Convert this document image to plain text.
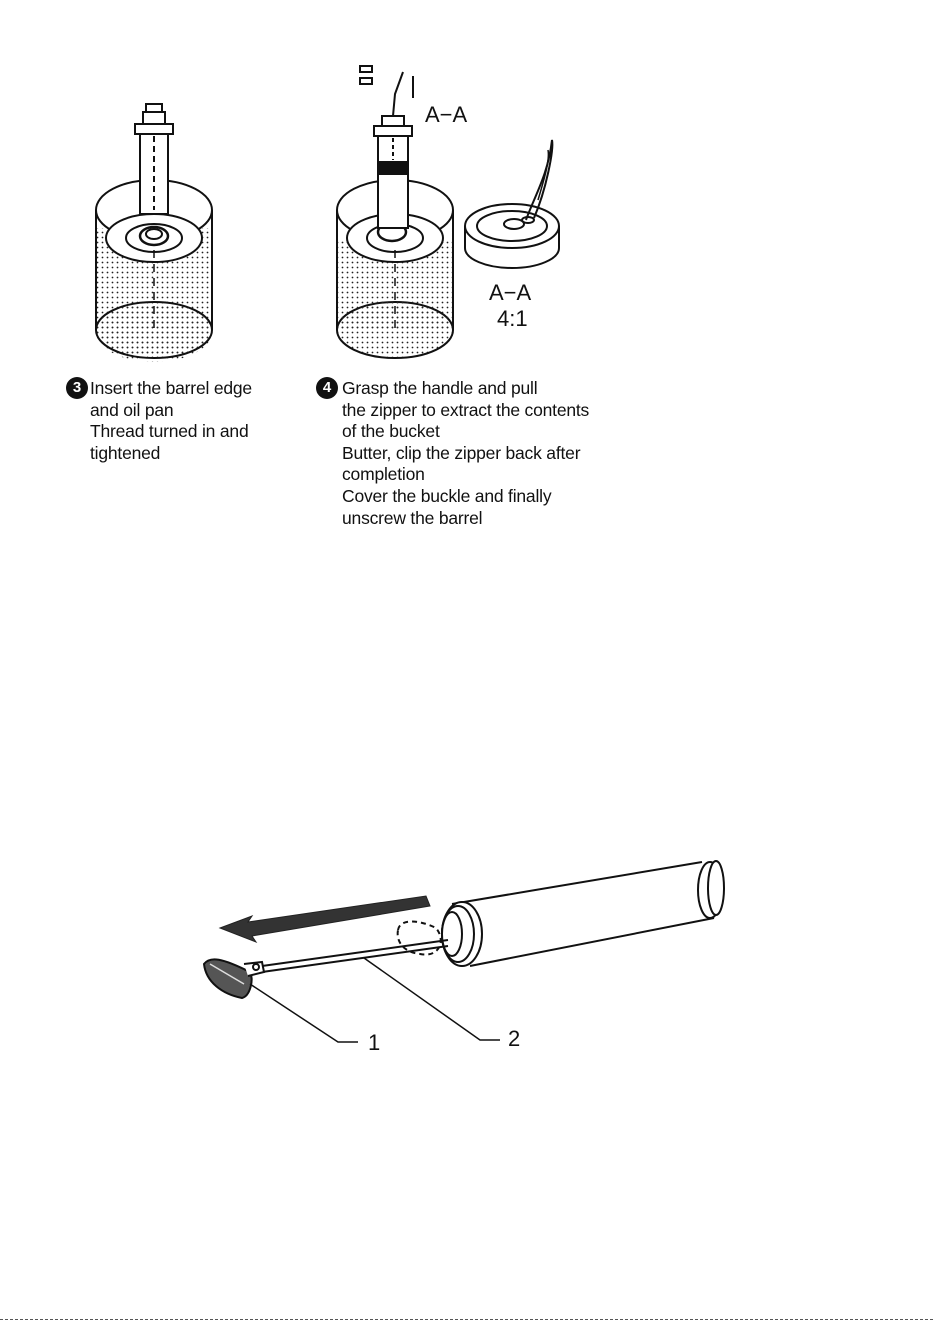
3 Insert the barrel edge
and oil pan
Thread turned in and
tightened
4 Grasp the handle and pull
the zipper to extract the contents
of the bucket
Butter, clip the zipper back after
completion
Cover the buckle and finally
unscrew the barrel
A−A
A−A
4:1
1	2
